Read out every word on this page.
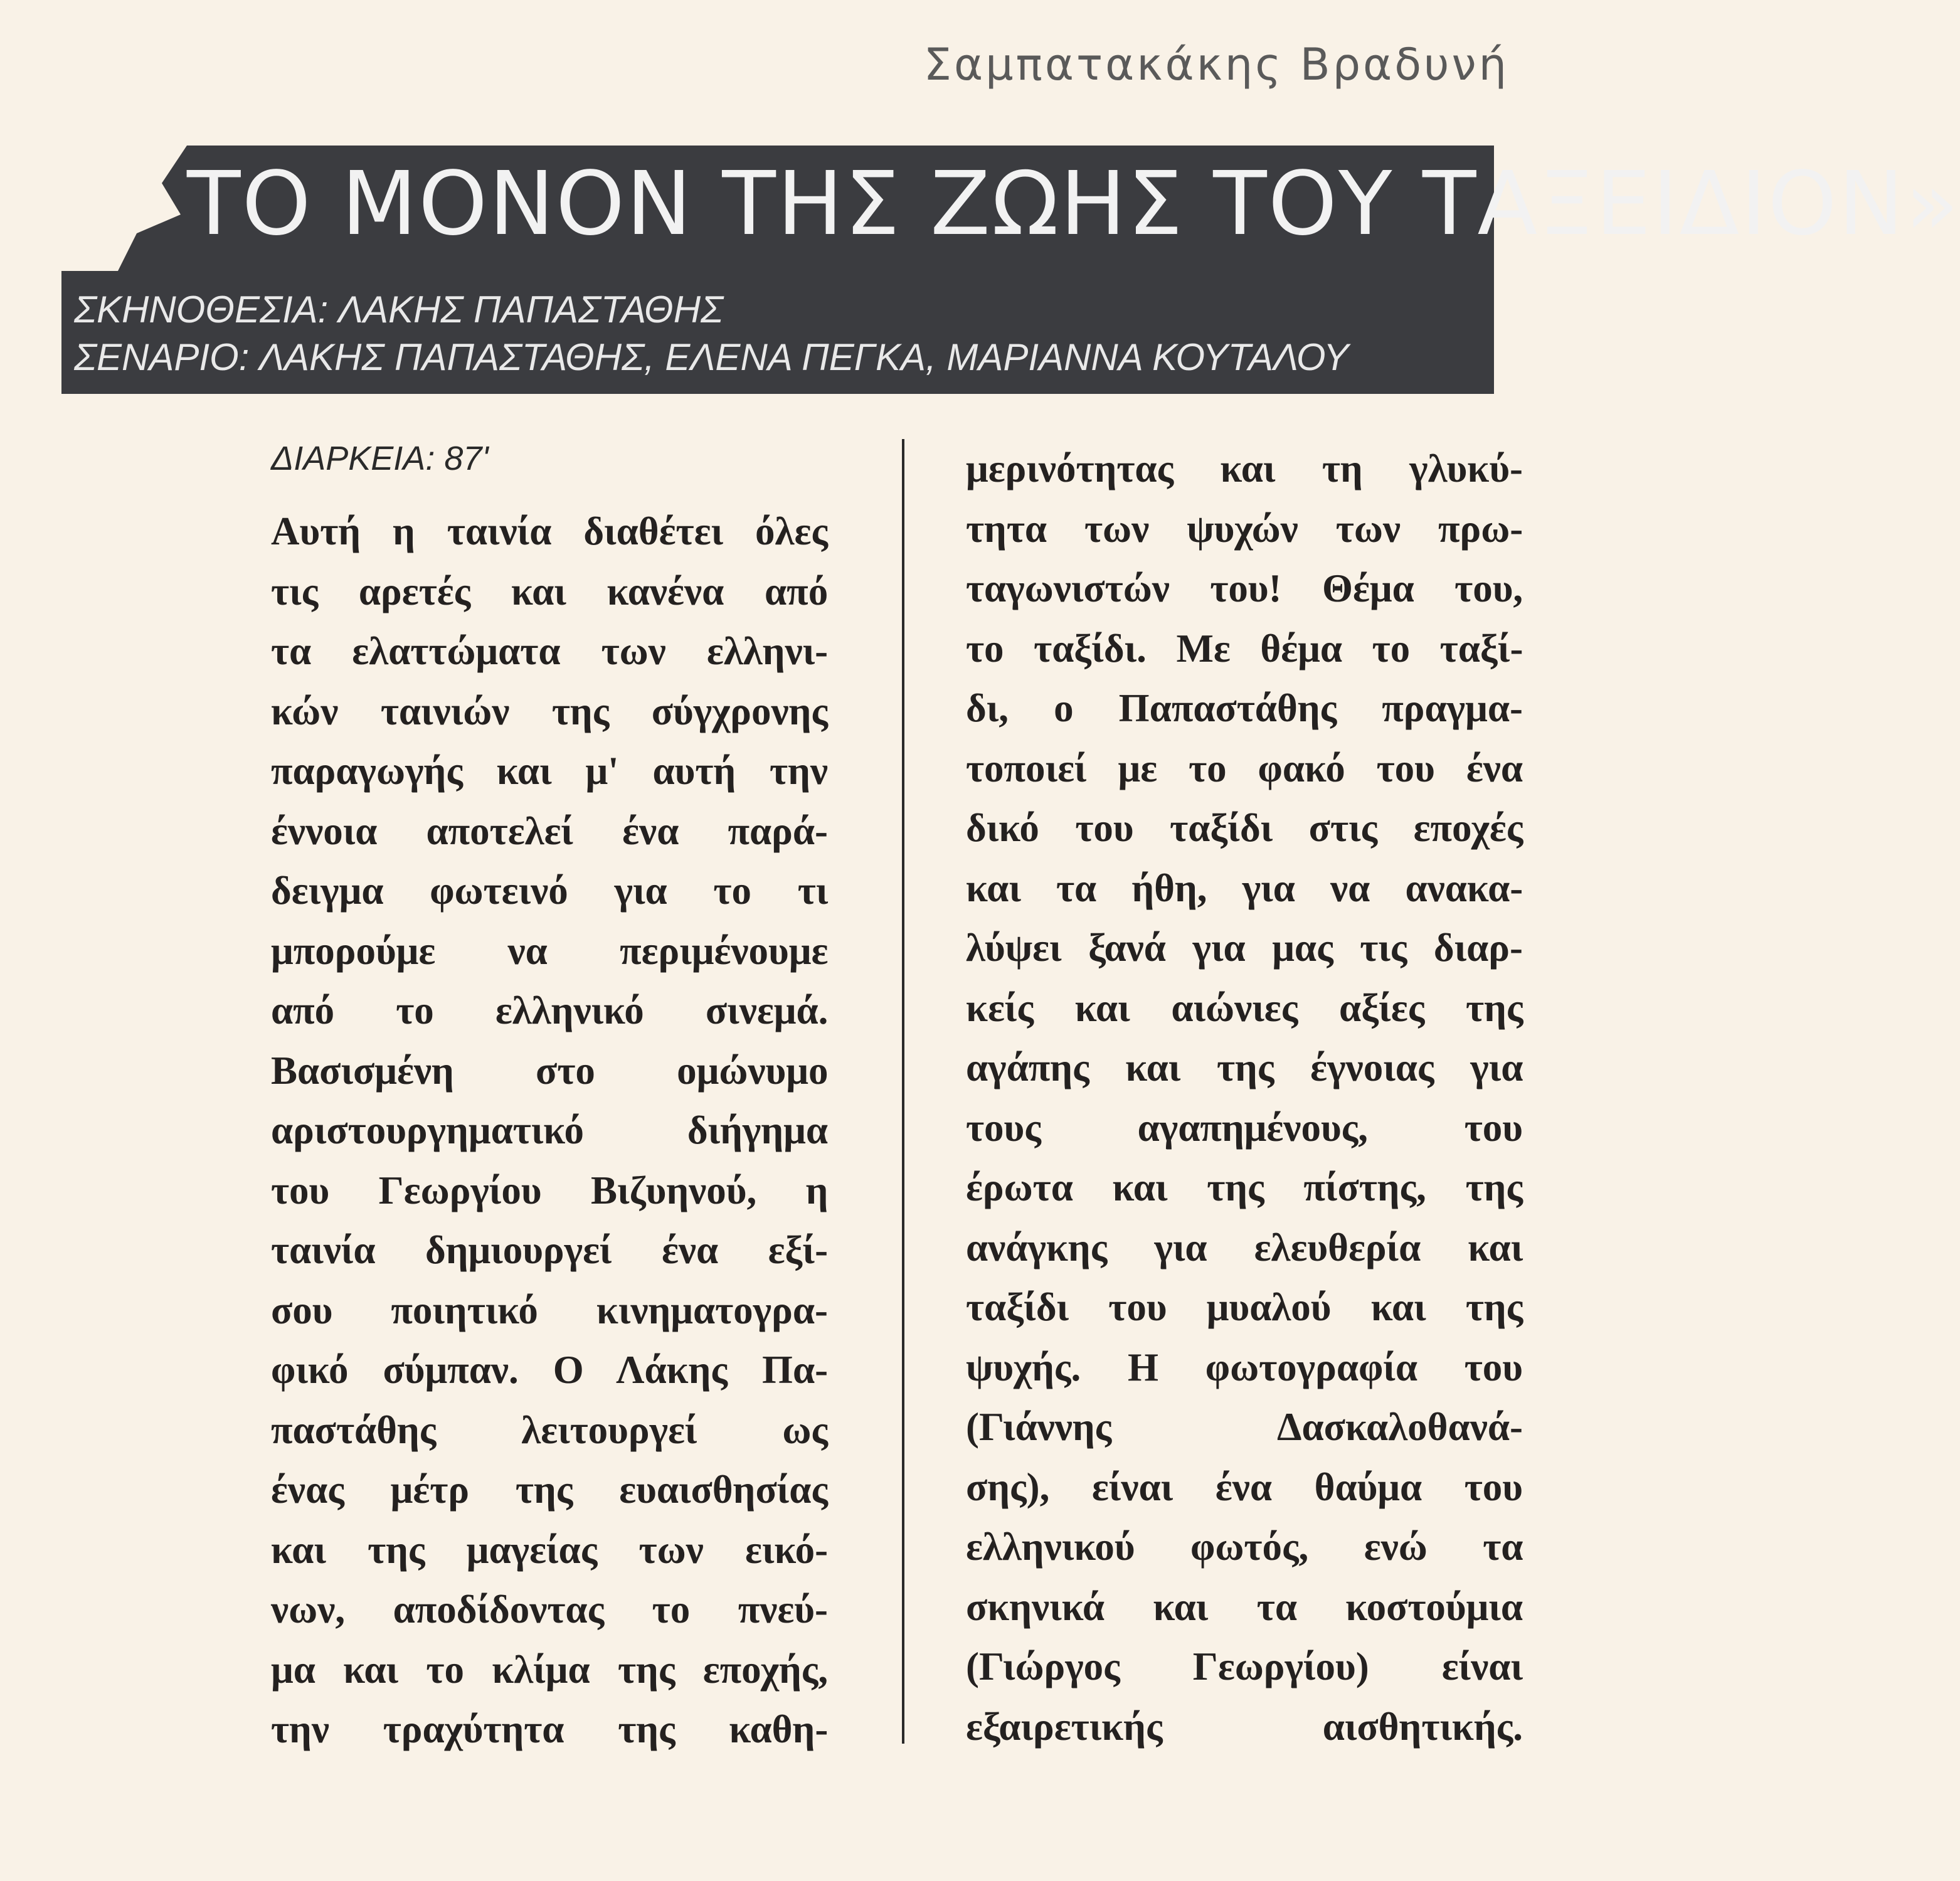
Σαμπατακάκης Βραδυνή
ΤΟ ΜΟΝΟΝ ΤΗΣ ΖΩΗΣ ΤΟΥ ΤΑΞΕΙΔΙΟΝ»
ΣΚΗΝΟΘΕΣΙΑ: ΛΑΚΗΣ ΠΑΠΑΣΤΑΘΗΣ
ΣΕΝΑΡΙΟ: ΛΑΚΗΣ ΠΑΠΑΣΤΑΘΗΣ, ΕΛΕΝΑ ΠΕΓΚΑ, ΜΑΡΙΑΝΝΑ ΚΟΥΤΑΛΟΥ
ΔΙΑΡΚΕΙΑ: 87'
Αυτή η ταινία διαθέτει όλες
τις αρετές και κανένα από
τα ελαττώματα των ελληνι-
κών ταινιών της σύγχρονης
παραγωγής και μ' αυτή την
έννοια αποτελεί ένα παρά-
δειγμα φωτεινό για το τι
μπορούμε να περιμένουμε
από το ελληνικό σινεμά.
Βασισμένη στο ομώνυμο
αριστουργηματικό διήγημα
του Γεωργίου Βιζυηνού, η
ταινία δημιουργεί ένα εξί-
σου ποιητικό κινηματογρα-
φικό σύμπαν. Ο Λάκης Πα-
παστάθης λειτουργεί ως
ένας μέτρ της ευαισθησίας
και της μαγείας των εικό-
νων, αποδίδοντας το πνεύ-
μα και το κλίμα της εποχής,
την τραχύτητα της καθη-
μερινότητας και τη γλυκύ-
τητα των ψυχών των πρω-
ταγωνιστών του! Θέμα του,
το ταξίδι. Με θέμα το ταξί-
δι, ο Παπαστάθης πραγμα-
τοποιεί με το φακό του ένα
δικό του ταξίδι στις εποχές
και τα ήθη, για να ανακα-
λύψει ξανά για μας τις διαρ-
κείς και αιώνιες αξίες της
αγάπης και της έγνοιας για
τους αγαπημένους, του
έρωτα και της πίστης, της
ανάγκης για ελευθερία και
ταξίδι του μυαλού και της
ψυχής. Η φωτογραφία του
(Γιάννης Δασκαλοθανά-
σης), είναι ένα θαύμα του
ελληνικού φωτός, ενώ τα
σκηνικά και τα κοστούμια
(Γιώργος Γεωργίου) είναι
εξαιρετικής αισθητικής.
